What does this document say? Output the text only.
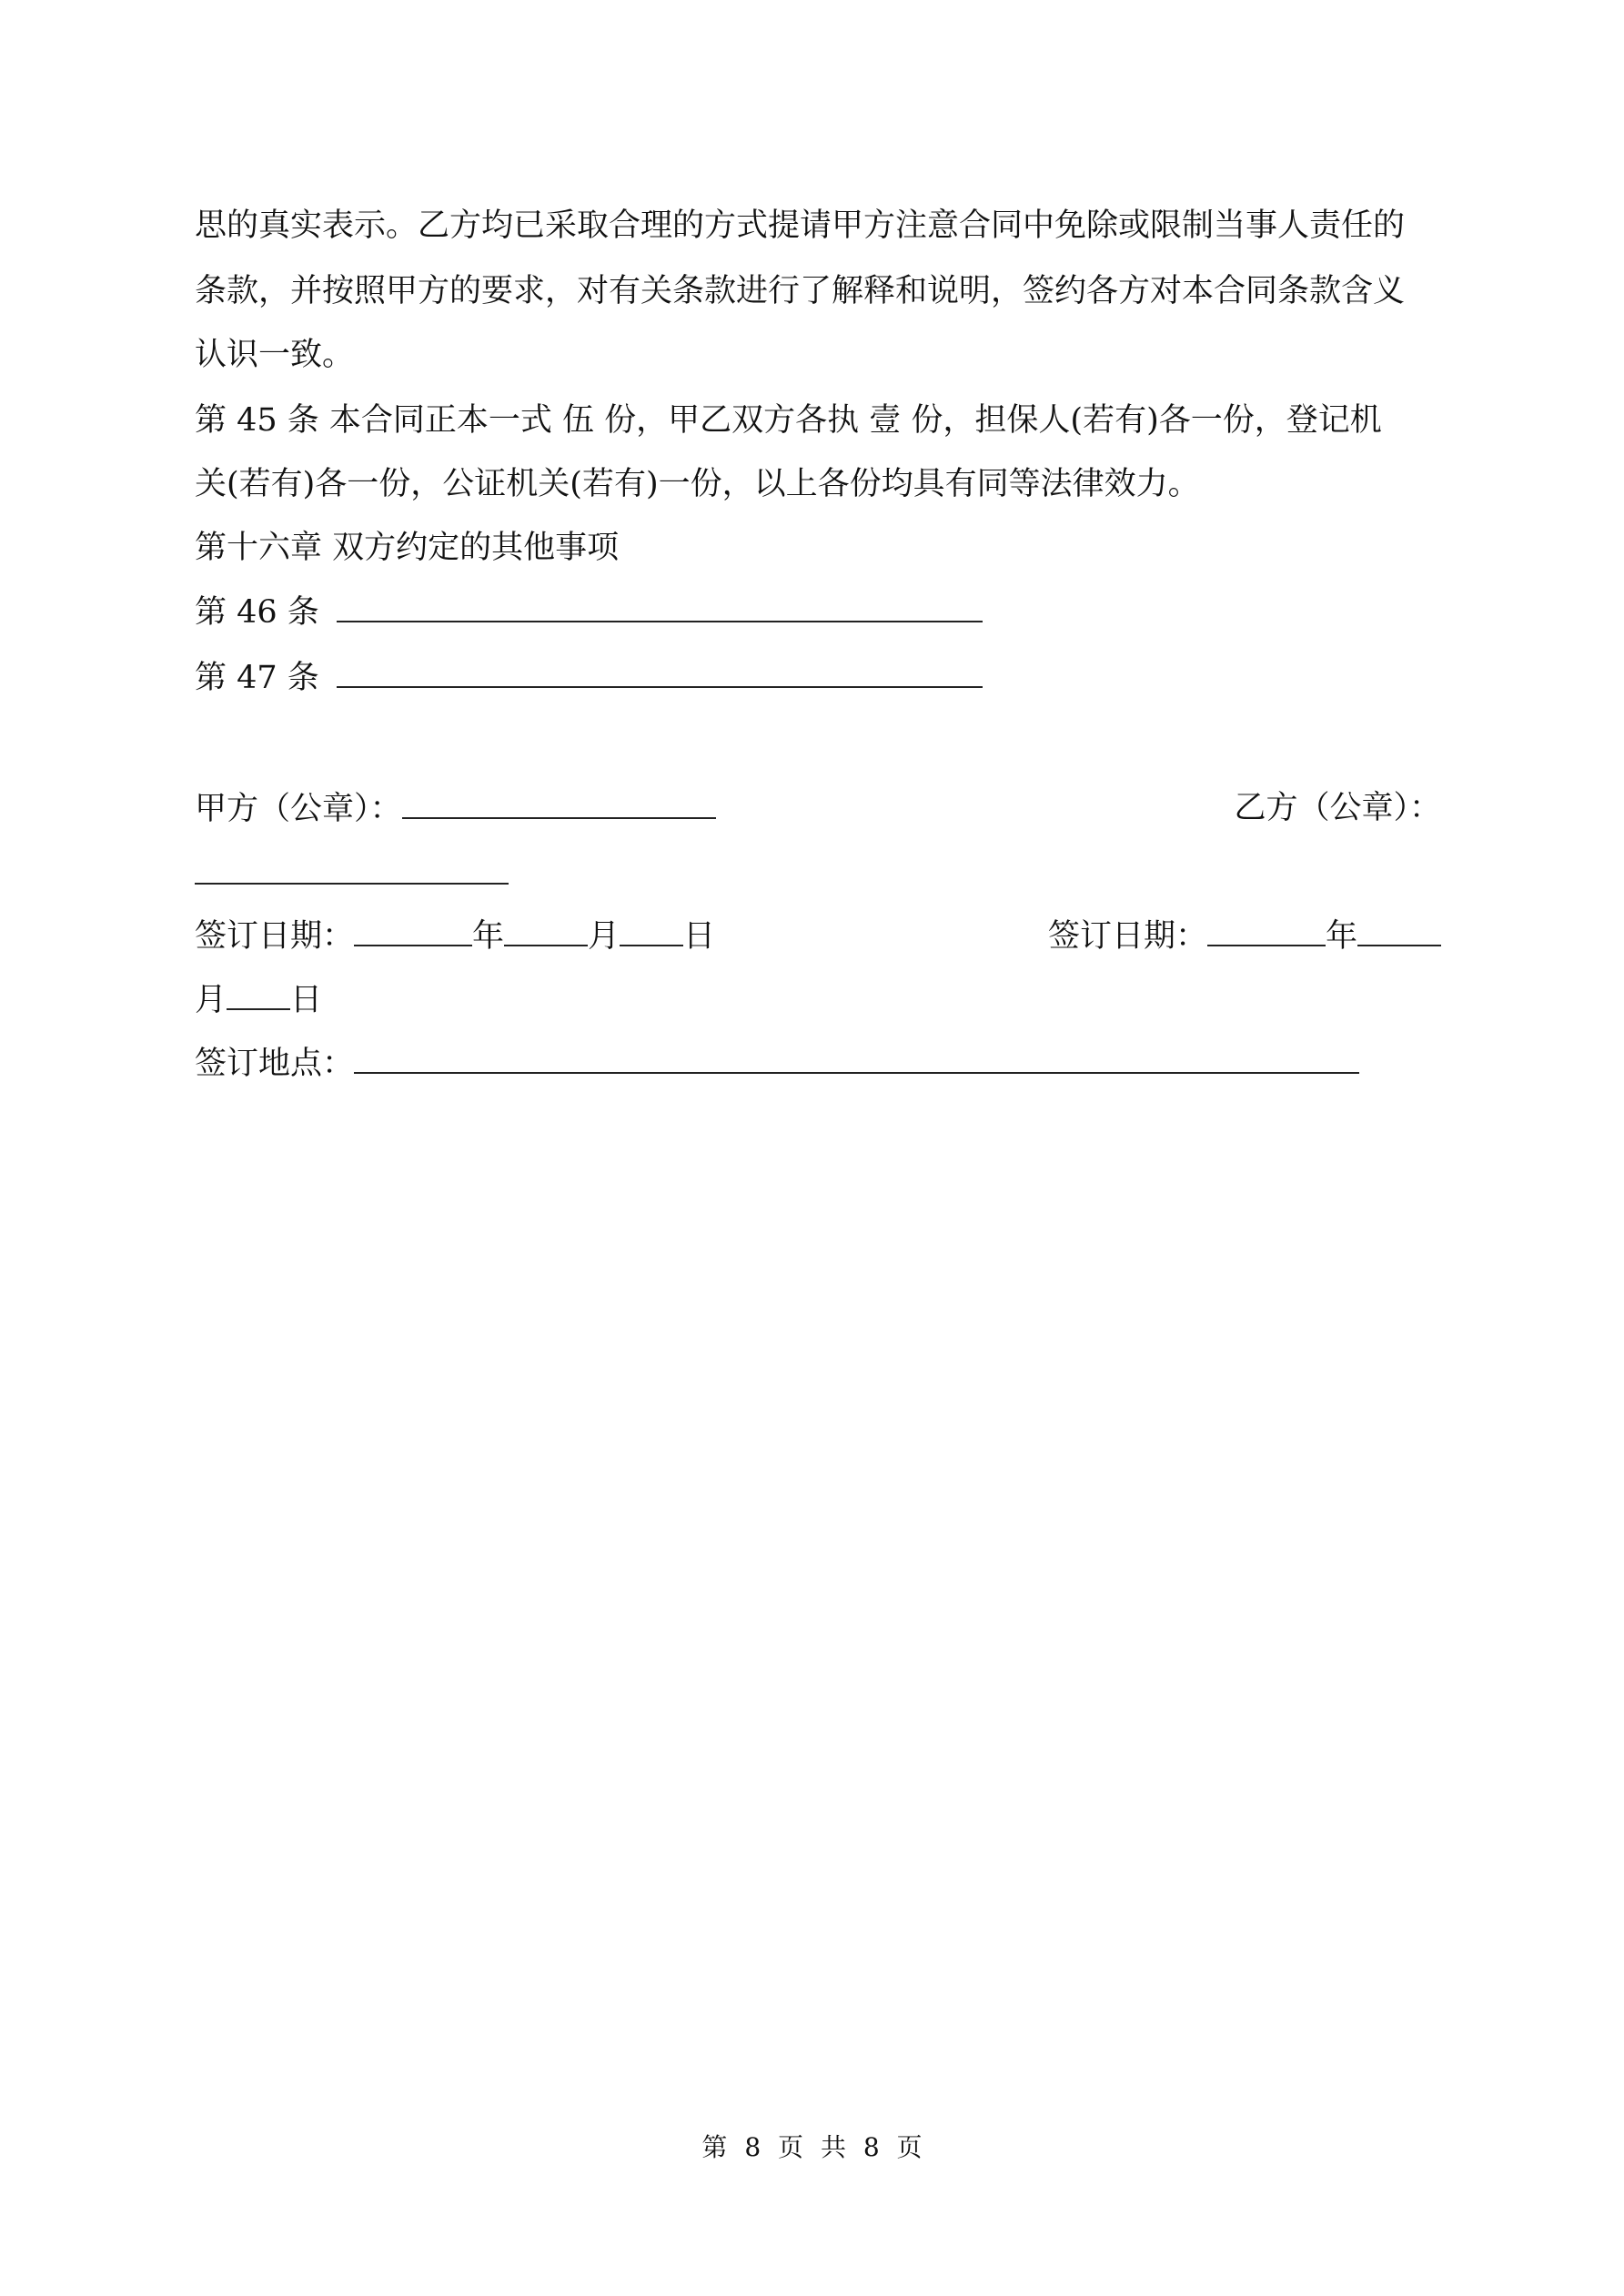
思的真实表示。乙方均已采取合理的方式提请甲方注意合同中免除或限制当事人责任的
条款，并按照甲方的要求，对有关条款进行了解释和说明，签约各方对本合同条款含义
认识一致。
第 45 条 本合同正本一式 伍 份，甲乙双方各执 壹 份，担保人(若有)各一份，登记机
关(若有)各一份，公证机关(若有)一份，以上各份均具有同等法律效力。
第十六章 双方约定的其他事项
第 46 条
第 47 条
甲方（公章）：	乙方（公章）：
签订日期：	年	月 日	签订日期：	年
月 日
签订地点：
第 8 页 共 8 页
